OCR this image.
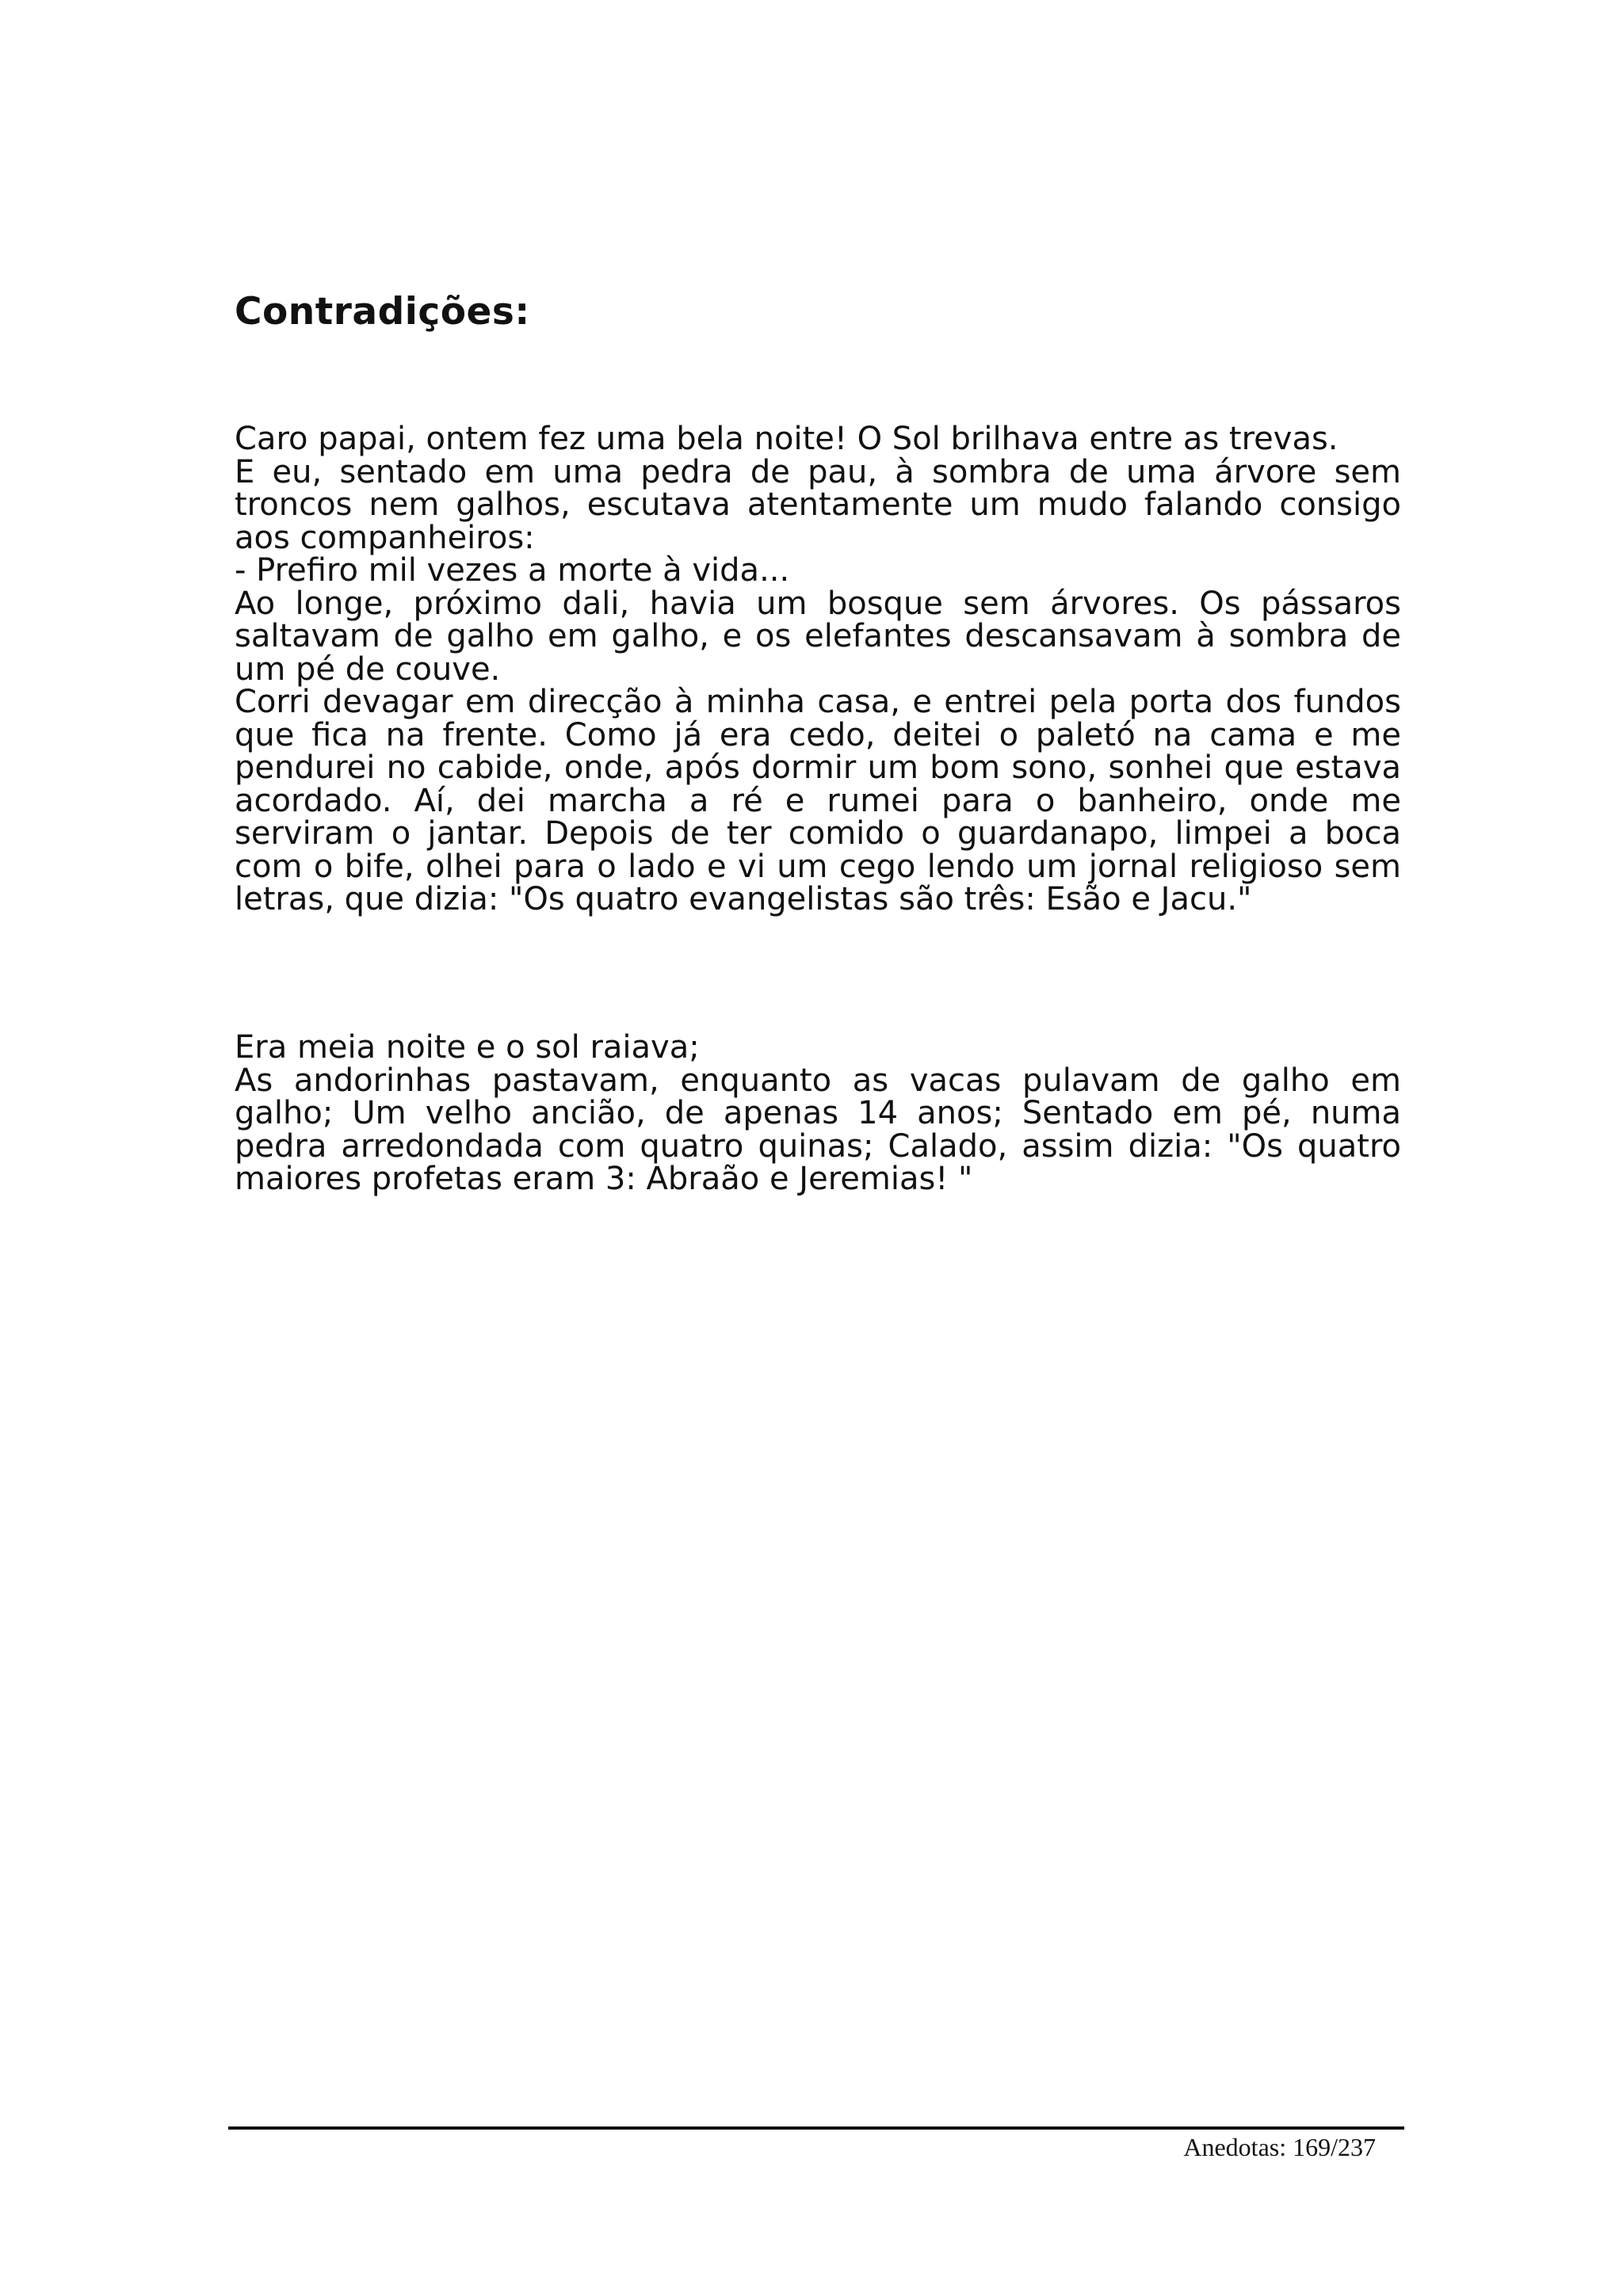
Contradições:

Caro papai, ontem fez uma bela noite! O Sol brilhava entre as trevas.

E eu, sentado em uma pedra de pau, à sombra de uma árvore sem troncos nem galhos, escutava atentamente um mudo falando consigo aos companheiros:

- Prefiro mil vezes a morte à vida...

Ao longe, próximo dali, havia um bosque sem árvores. Os pássaros saltavam de galho em galho, e os elefantes descansavam à sombra de um pé de couve.

Corri devagar em direcção à minha casa, e entrei pela porta dos fundos que fica na frente. Como já era cedo, deitei o paletó na cama e me pendurei no cabide, onde, após dormir um bom sono, sonhei que estava acordado. Aí, dei marcha a ré e rumei para o banheiro, onde me serviram o jantar. Depois de ter comido o guardanapo, limpei a boca com o bife, olhei para o lado e vi um cego lendo um jornal religioso sem letras, que dizia: "Os quatro evangelistas são três: Esão e Jacu."

Era meia noite e o sol raiava;

As andorinhas pastavam, enquanto as vacas pulavam de galho em galho; Um velho ancião, de apenas 14 anos; Sentado em pé, numa pedra arredondada com quatro quinas; Calado, assim dizia: "Os quatro maiores profetas eram 3: Abraão e Jeremias! "

Anedotas: 169/237
